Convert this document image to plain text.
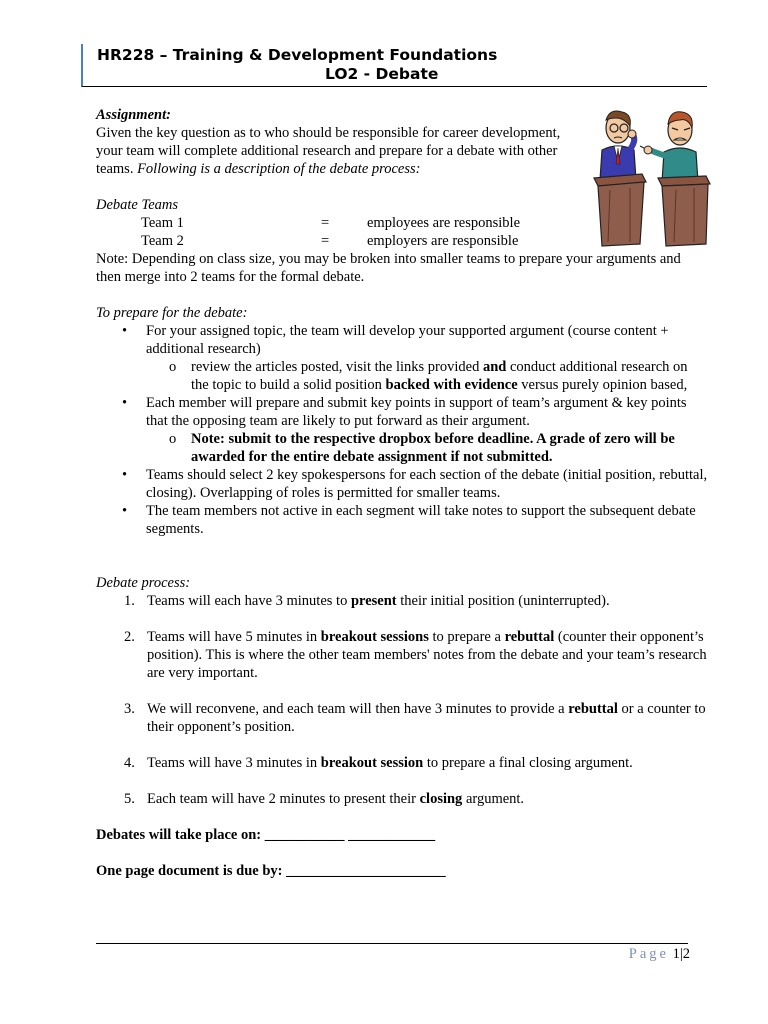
HR228 – Training & Development Foundations
LO2 - Debate

Assignment:

Given the key question as to who should be responsible for career development,
your team will complete additional research and prepare for a debate with other
teams. Following is a description of the debate process:

Debate Teams

Team 1	=	employees are responsible
Team 2	=	employers are responsible

Note: Depending on class size, you may be broken into smaller teams to prepare your arguments and then merge into 2 teams for the formal debate.

To prepare for the debate:

• For your assigned topic, the team will develop your supported argument (course content + additional research)
o review the articles posted, visit the links provided and conduct additional research on the topic to build a solid position backed with evidence versus purely opinion based,
• Each member will prepare and submit key points in support of team’s argument & key points that the opposing team are likely to put forward as their argument.
o Note: submit to the respective dropbox before deadline. A grade of zero will be awarded for the entire debate assignment if not submitted.
• Teams should select 2 key spokespersons for each section of the debate (initial position, rebuttal, closing). Overlapping of roles is permitted for smaller teams.
• The team members not active in each segment will take notes to support the subsequent debate segments.

Debate process:

1. Teams will each have 3 minutes to present their initial position (uninterrupted).
2. Teams will have 5 minutes in breakout sessions to prepare a rebuttal (counter their opponent’s position). This is where the other team members' notes from the debate and your team’s research are very important.
3. We will reconvene, and each team will then have 3 minutes to provide a rebuttal or a counter to their opponent’s position.
4. Teams will have 3 minutes in breakout session to prepare a final closing argument.
5. Each team will have 2 minutes to present their closing argument.

Debates will take place on: ___________ ____________

One page document is due by: ______________________

Page 1|2
